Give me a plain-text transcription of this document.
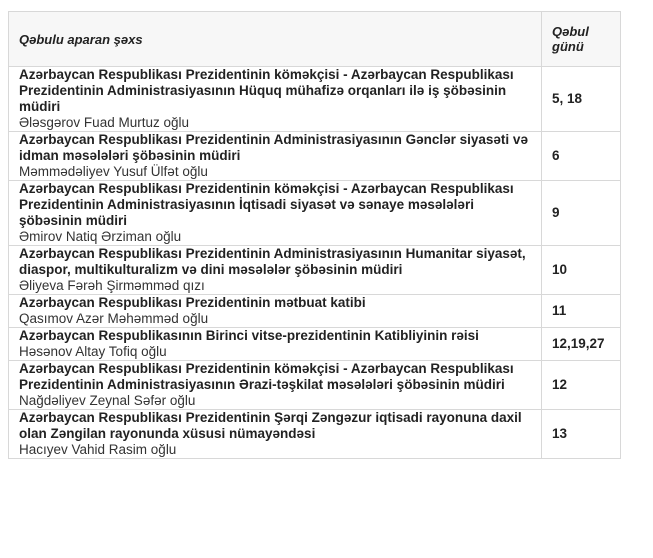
Qəbulu aparan şəxs	Qəbul
günü

Azərbaycan Respublikası Prezidentinin köməkçisi - Azərbaycan Respublikası Prezidentinin Administrasiyasının Hüquq mühafizə orqanları ilə iş şöbəsinin müdiri
Ələsgərov Fuad Murtuz oğlu	5, 18

Azərbaycan Respublikası Prezidentinin Administrasiyasının Gənclər siyasəti və idman məsələləri şöbəsinin müdiri
Məmmədəliyev Yusuf Ülfət oğlu	6

Azərbaycan Respublikası Prezidentinin köməkçisi - Azərbaycan Respublikası Prezidentinin Administrasiyasının İqtisadi siyasət və sənaye məsələləri şöbəsinin müdiri
Əmirov Natiq Ərziman oğlu	9

Azərbaycan Respublikası Prezidentinin Administrasiyasının Humanitar siyasət, diaspor, multikulturalizm və dini məsələlər şöbəsinin müdiri
Əliyeva Fərəh Şirməmməd qızı	10

Azərbaycan Respublikası Prezidentinin mətbuat katibi
Qasımov Azər Məhəmməd oğlu	11

Azərbaycan Respublikasının Birinci vitse-prezidentinin Katibliyinin rəisi
Həsənov Altay Tofiq oğlu	12,19,27

Azərbaycan Respublikası Prezidentinin köməkçisi - Azərbaycan Respublikası Prezidentinin Administrasiyasının Ərazi-təşkilat məsələləri şöbəsinin müdiri
Nağdəliyev Zeynal Səfər oğlu	12

Azərbaycan Respublikası Prezidentinin Şərqi Zəngəzur iqtisadi rayonuna daxil olan Zəngilan rayonunda xüsusi nümayəndəsi
Hacıyev Vahid Rasim oğlu	13
